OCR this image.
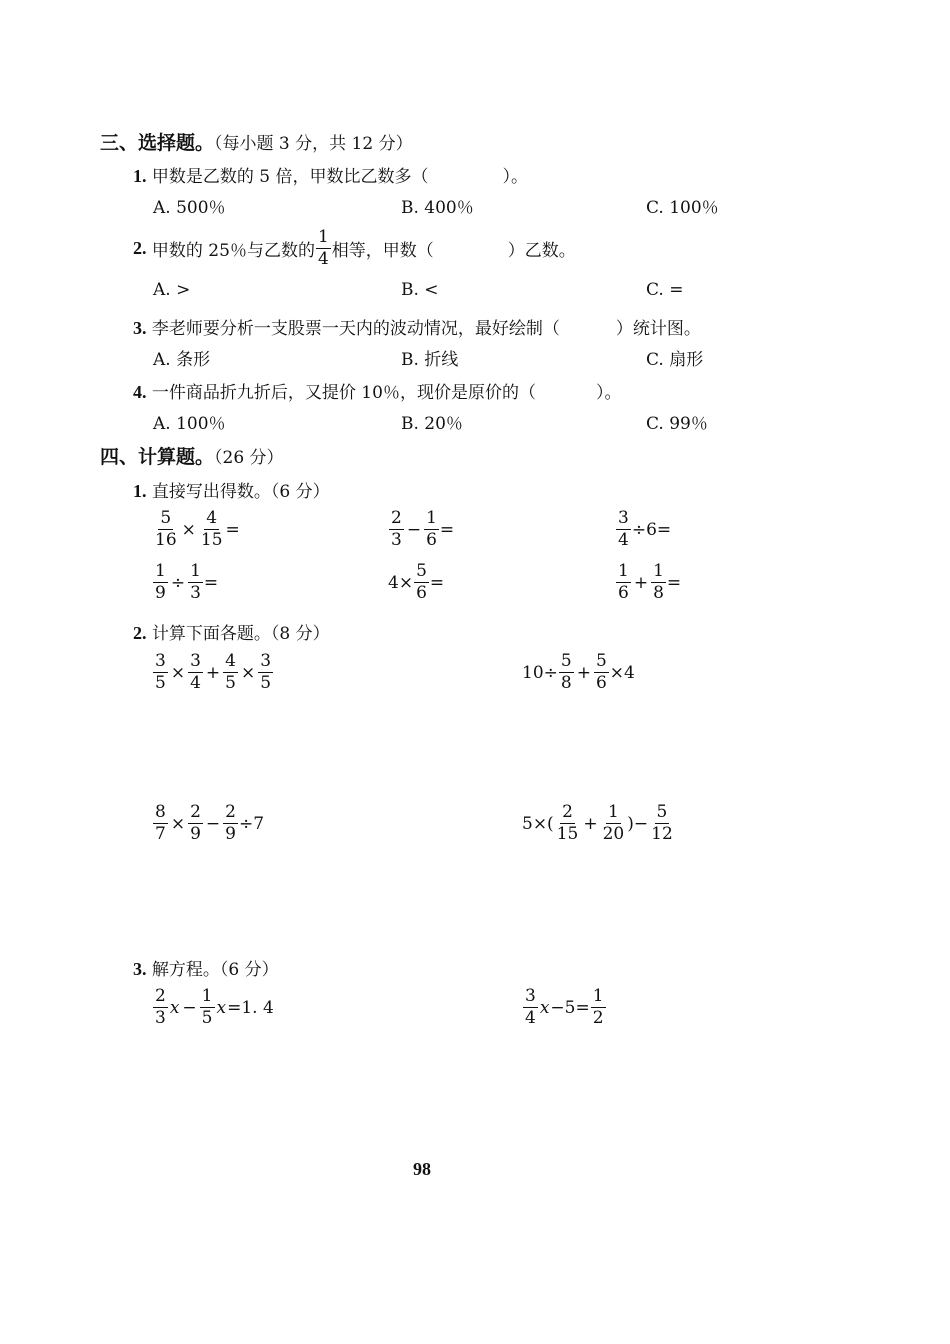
三、选择题。（每小题 3 分，共 12 分）
1. 甲数是乙数的 5 倍，甲数比乙数多（	）。
A. 500％	B. 400％	C. 100％
2.
甲数的 25％与乙数的 $\frac{1}{4}$ 相等，甲数（	）乙数。
A. >	B. <	C. =
3. 李老师要分析一支股票一天内的波动情况，最好绘制（	）统计图。
A. 条形	B. 折线	C. 扇形
4. 一件商品折九折后，又提价 10％，现价是原价的（	）。
A. 100％	B. 20％	C. 99％
四、计算题。（26 分）
1. 直接写出得数。（6 分）
$\frac{5}{16} \times \frac{4}{15}$ =	$\frac{2}{3} - \frac{1}{6}$ =	$\frac{3}{4} \div 6=$
$\frac{1}{9} \div \frac{1}{3}$ =	$4\times \frac{5}{6}$ =	$\frac{1}{6} + \frac{1}{8}$ =
2. 计算下面各题。（8 分）
$\frac{3}{5} \times \frac{3}{4} + \frac{4}{5} \times \frac{3}{5}$	$10\div \frac{5}{8} + \frac{5}{6} \times 4$
$\frac{8}{7} \times \frac{2}{9} - \frac{2}{9} \div 7$	$5\times( \frac{2}{15} + \frac{1}{20}$ )− $\frac{5}{12}$
3. 解方程。（6 分）
$\frac{2}{3}$ $x - \frac{1}{5}$ x =1. 4	$\frac{3}{4}$ $x -5= \frac{1}{2}$
98
